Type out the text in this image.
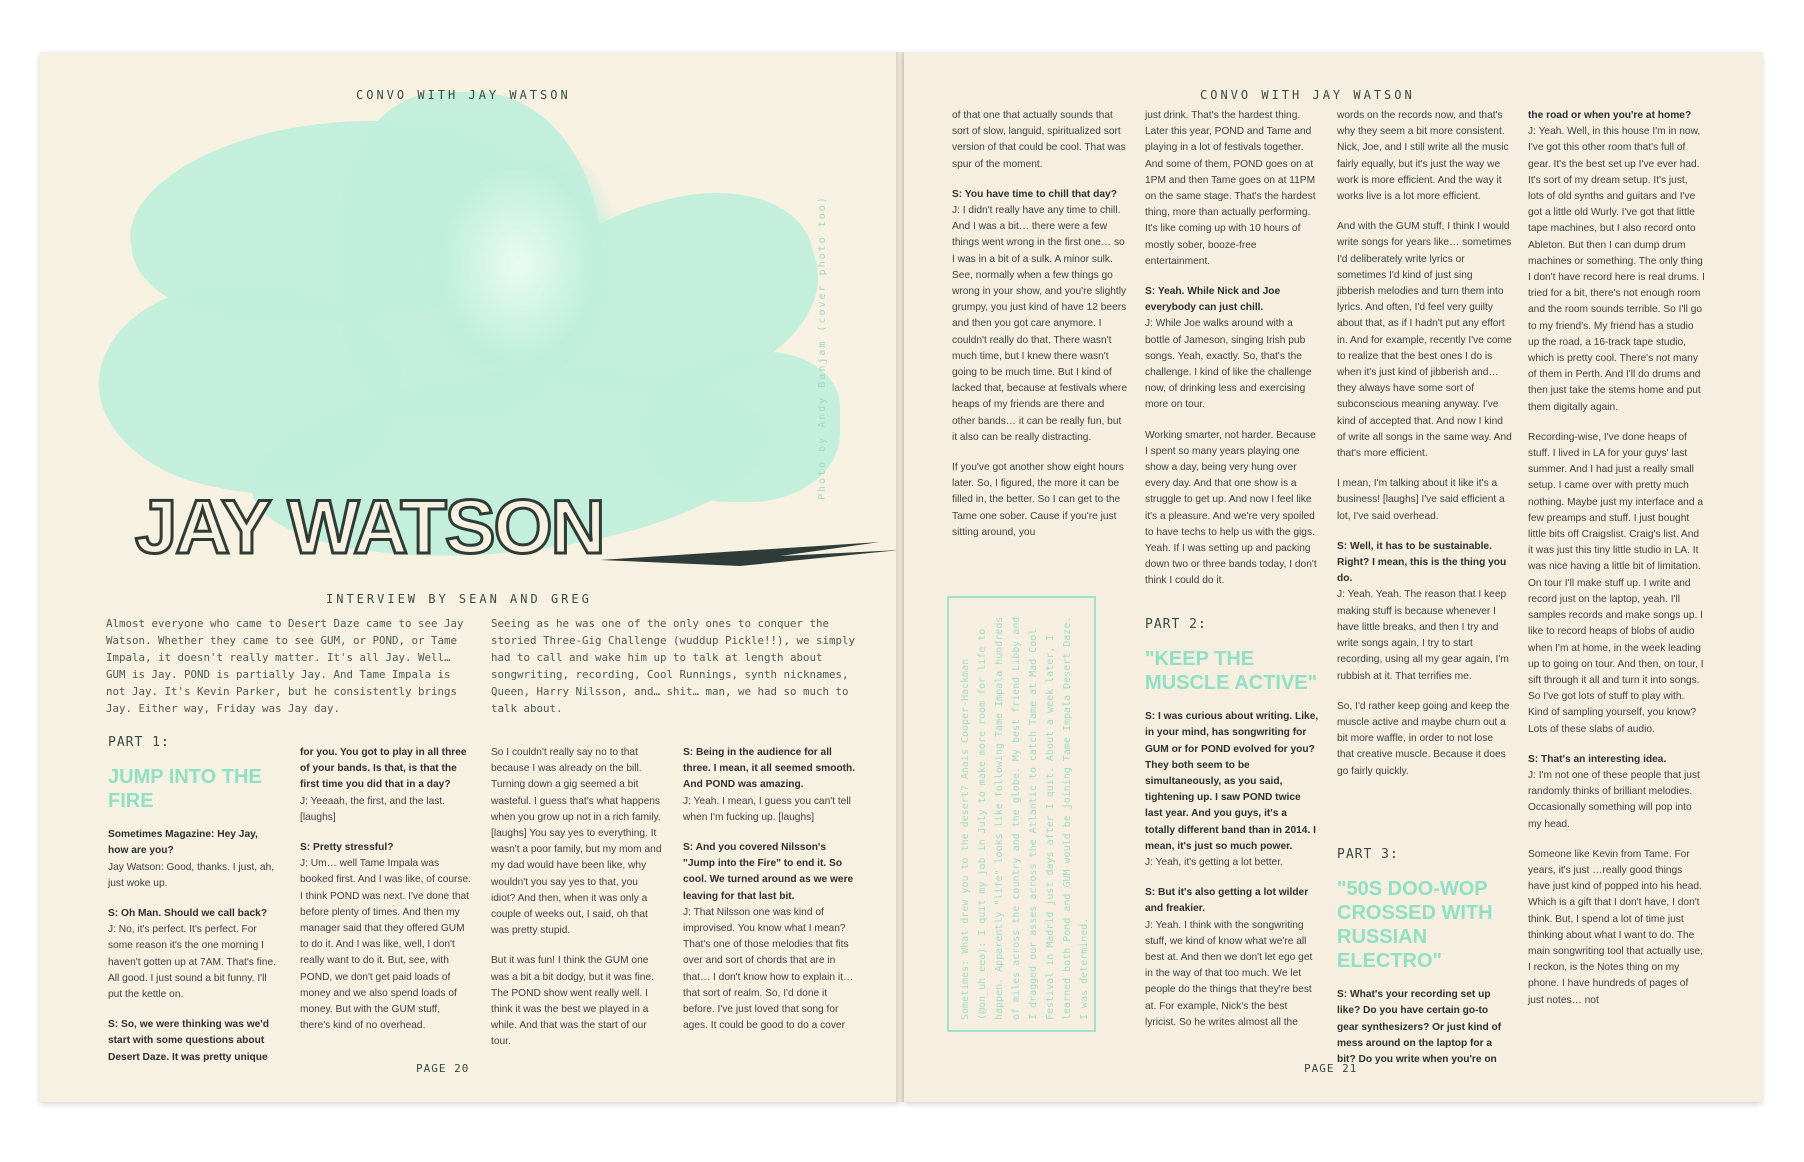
CONVO WITH JAY WATSON
Photo by Andy Banjam (cover photo too)
JAY WATSON
INTERVIEW BY SEAN AND GREG
Almost everyone who came to Desert Daze came to see Jay Watson. Whether they came to see GUM, or POND, or Tame Impala, it doesn't really matter. It's all Jay. Well… GUM is Jay. POND is partially Jay. And Tame Impala is not Jay. It's Kevin Parker, but he consistently brings Jay. Either way, Friday was Jay day.
Seeing as he was one of the only ones to conquer the storied Three-Gig Challenge (wuddup Pickle!!), we simply had to call and wake him up to talk at length about songwriting, recording, Cool Runnings, synth nicknames, Queen, Harry Nilsson, and… shit… man, we had so much to talk about.

PART 1:

JUMP INTO THE FIRE

Sometimes Magazine: Hey Jay, how are you?
Jay Watson: Good, thanks. I just, ah, just woke up.

S: Oh Man. Should we call back?
J: No, it's perfect. It's perfect. For some reason it's the one morning I haven't gotten up at 7AM. That's fine. All good. I just sound a bit funny. I'll put the kettle on.

S: So, we were thinking was we'd start with some questions about Desert Daze. It was pretty unique

for you. You got to play in all three of your bands. Is that, is that the first time you did that in a day?
J: Yeeaah, the first, and the last. [laughs]

S: Pretty stressful?
J: Um… well Tame Impala was booked first. And I was like, of course. I think POND was next. I've done that before plenty of times. And then my manager said that they offered GUM to do it. And I was like, well, I don't really want to do it. But, see, with POND, we don't get paid loads of money and we also spend loads of money. But with the GUM stuff, there's kind of no overhead.

So I couldn't really say no to that because I was already on the bill. Turning down a gig seemed a bit wasteful. I guess that's what happens when you grow up not in a rich family. [laughs] You say yes to everything. It wasn't a poor family, but my mom and my dad would have been like, why wouldn't you say yes to that, you idiot? And then, when it was only a couple of weeks out, I said, oh that was pretty stupid.

But it was fun! I think the GUM one was a bit a bit dodgy, but it was fine. The POND show went really well. I think it was the best we played in a while. And that was the start of our tour.

S: Being in the audience for all three. I mean, it all seemed smooth. And POND was amazing.
J: Yeah. I mean, I guess you can't tell when I'm fucking up. [laughs]

S: And you covered Nilsson's "Jump into the Fire" to end it. So cool. We turned around as we were leaving for that last bit.
J: That Nilsson one was kind of improvised. You know what I mean? That's one of those melodies that fits over and sort of chords that are in that… I don't know how to explain it… that sort of realm. So, I'd done it before. I've just loved that song for ages. It could be good to do a cover

PAGE 20
CONVO WITH JAY WATSON

of that one that actually sounds that sort of slow, languid, spiritualized sort version of that could be cool. That was spur of the moment.

S: You have time to chill that day?
J: I didn't really have any time to chill. And I was a bit… there were a few things went wrong in the first one… so I was in a bit of a sulk. A minor sulk. See, normally when a few things go wrong in your show, and you're slightly grumpy, you just kind of have 12 beers and then you got care anymore. I couldn't really do that. There wasn't much time, but I knew there wasn't going to be much time. But I kind of lacked that, because at festivals where heaps of my friends are there and other bands… it can be really fun, but it also can be really distracting.

If you've got another show eight hours later. So, I figured, the more it can be filled in, the better. So I can get to the Tame one sober. Cause if you're just sitting around, you

Sometimes: What drew you to the desert? Anais Cooper-Hackman (@on_uh_eea): I quit my job in July to make more room for life to happen. Apparently "life" looks like following Tame Impala hundreds of miles across the country and the globe. My best friend Libby and I dragged our asses across the Atlantic to catch Tame at Mad Cool Festival in Madrid just days after I quit. About a week later, I learned both Pond and GUM would be joining Tame Impala Desert Daze. I was determined.

just drink. That's the hardest thing. Later this year, POND and Tame and playing in a lot of festivals together. And some of them, POND goes on at 1PM and then Tame goes on at 11PM on the same stage. That's the hardest thing, more than actually performing. It's like coming up with 10 hours of mostly sober, booze-free entertainment.

S: Yeah. While Nick and Joe everybody can just chill.
J: While Joe walks around with a bottle of Jameson, singing Irish pub songs. Yeah, exactly. So, that's the challenge. I kind of like the challenge now, of drinking less and exercising more on tour.

Working smarter, not harder. Because I spent so many years playing one show a day, being very hung over every day. And that one show is a struggle to get up. And now I feel like it's a pleasure. And we're very spoiled to have techs to help us with the gigs. Yeah. If I was setting up and packing down two or three bands today, I don't think I could do it.

PART 2:

"KEEP THE MUSCLE ACTIVE"

S: I was curious about writing. Like, in your mind, has songwriting for GUM or for POND evolved for you? They both seem to be simultaneously, as you said, tightening up. I saw POND twice last year. And you guys, it's a totally different band than in 2014. I mean, it's just so much power.
J: Yeah, it's getting a lot better.

S: But it's also getting a lot wilder and freakier.
J: Yeah. I think with the songwriting stuff, we kind of know what we're all best at. And then we don't let ego get in the way of that too much. We let people do the things that they're best at. For example, Nick's the best lyricist. So he writes almost all the

words on the records now, and that's why they seem a bit more consistent. Nick, Joe, and I still write all the music fairly equally, but it's just the way we work is more efficient. And the way it works live is a lot more efficient.

And with the GUM stuff, I think I would write songs for years like… sometimes I'd deliberately write lyrics or sometimes I'd kind of just sing jibberish melodies and turn them into lyrics. And often, I'd feel very guilty about that, as if I hadn't put any effort in. And for example, recently I've come to realize that the best ones I do is when it's just kind of jibberish and… they always have some sort of subconscious meaning anyway. I've kind of accepted that. And now I kind of write all songs in the same way. And that's more efficient.

I mean, I'm talking about it like it's a business! [laughs] I've said efficient a lot, I've said overhead.

S: Well, it has to be sustainable. Right? I mean, this is the thing you do.
J: Yeah. Yeah. The reason that I keep making stuff is because whenever I have little breaks, and then I try and write songs again, I try to start recording, using all my gear again, I'm rubbish at it. That terrifies me.

So, I'd rather keep going and keep the muscle active and maybe churn out a bit more waffle, in order to not lose that creative muscle. Because it does go fairly quickly.

PART 3:

"50S DOO-WOP CROSSED WITH RUSSIAN ELECTRO"

S: What's your recording set up like? Do you have certain go-to gear synthesizers? Or just kind of mess around on the laptop for a bit? Do you write when you're on

the road or when you're at home?
J: Yeah. Well, in this house I'm in now, I've got this other room that's full of gear. It's the best set up I've ever had. It's sort of my dream setup. It's just, lots of old synths and guitars and I've got a little old Wurly. I've got that little tape machines, but I also record onto Ableton. But then I can dump drum machines or something. The only thing I don't have record here is real drums. I tried for a bit, there's not enough room and the room sounds terrible. So I'll go to my friend's. My friend has a studio up the road, a 16-track tape studio, which is pretty cool. There's not many of them in Perth. And I'll do drums and then just take the stems home and put them digitally again.

Recording-wise, I've done heaps of stuff. I lived in LA for your guys' last summer. And I had just a really small setup. I came over with pretty much nothing. Maybe just my interface and a few preamps and stuff. I just bought little bits off Craigslist. Craig's list. And it was just this tiny little studio in LA. It was nice having a little bit of limitation. On tour I'll make stuff up. I write and record just on the laptop, yeah. I'll samples records and make songs up. I like to record heaps of blobs of audio when I'm at home, in the week leading up to going on tour. And then, on tour, I sift through it all and turn it into songs. So I've got lots of stuff to play with. Kind of sampling yourself, you know? Lots of these slabs of audio.

S: That's an interesting idea.
J: I'm not one of these people that just randomly thinks of brilliant melodies. Occasionally something will pop into my head.

Someone like Kevin from Tame. For years, it's just …really good things have just kind of popped into his head. Which is a gift that I don't have, I don't think. But, I spend a lot of time just thinking about what I want to do. The main songwriting tool that actually use, I reckon, is the Notes thing on my phone. I have hundreds of pages of just notes… not

PAGE 21
